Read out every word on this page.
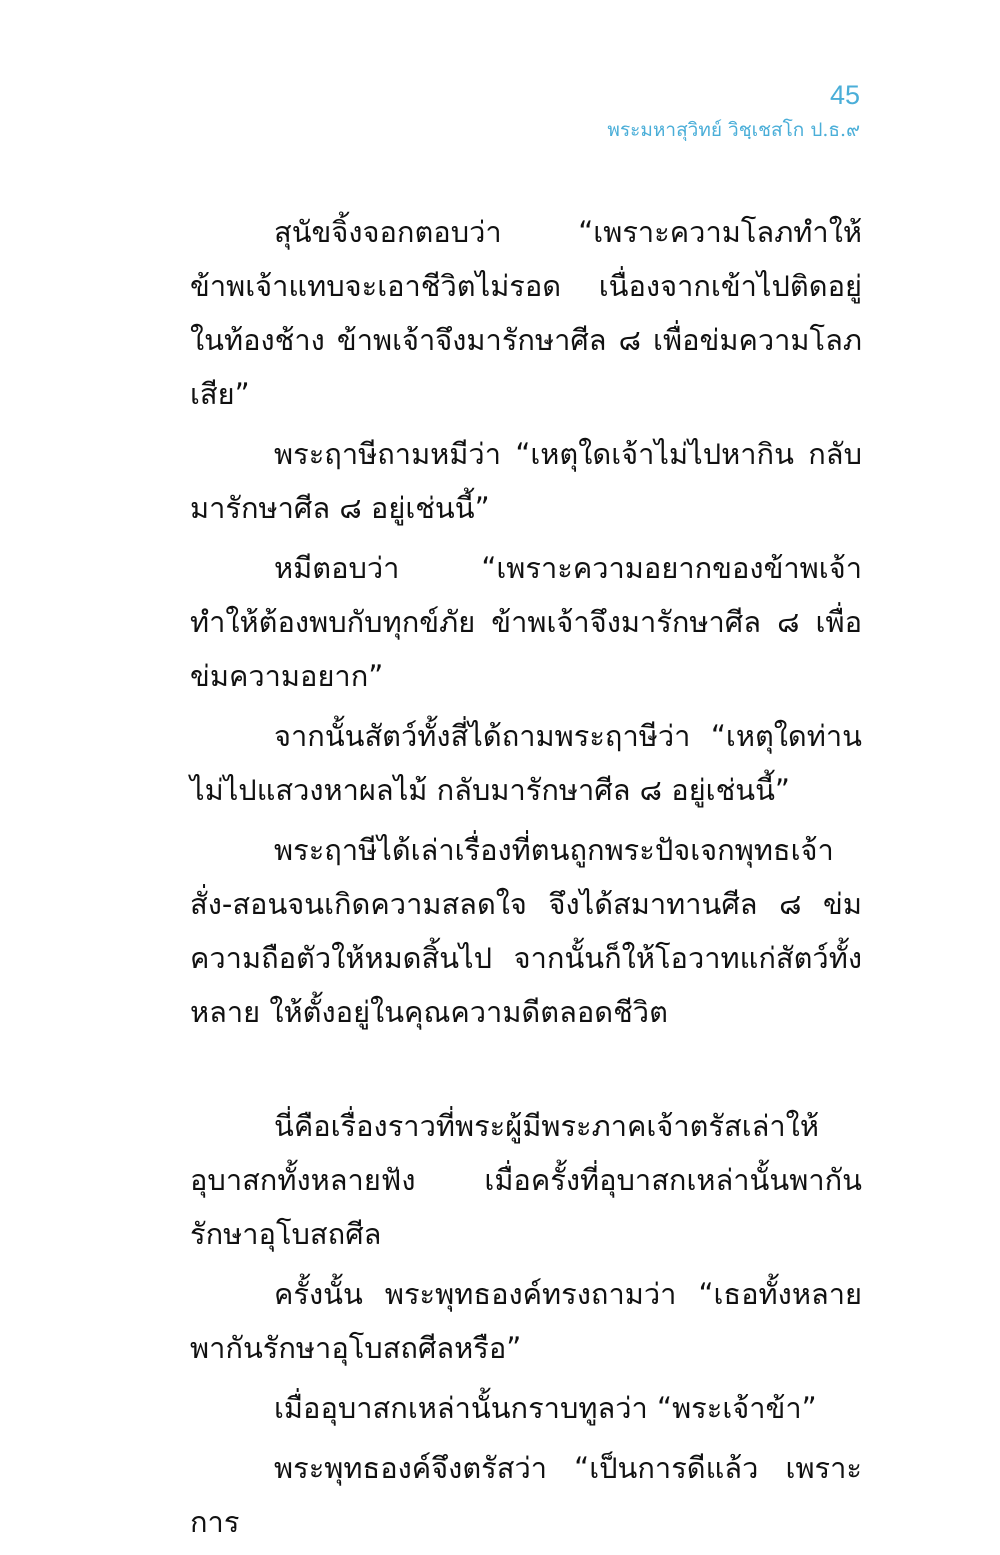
45
พระมหาสุวิทย์ วิชฺเชสโก ป.ธ.๙

สุนัขจิ้งจอกตอบว่า “เพราะความโลภทำให้ข้าพเจ้าแทบจะเอาชีวิตไม่รอด เนื่องจากเข้าไปติดอยู่ในท้องช้าง ข้าพเจ้าจึงมารักษาศีล ๘ เพื่อข่มความโลภเสีย”

พระฤาษีถามหมีว่า “เหตุใดเจ้าไม่ไปหากิน กลับมารักษาศีล ๘ อยู่เช่นนี้”

หมีตอบว่า “เพราะความอยากของข้าพเจ้า ทำให้ต้องพบกับทุกข์ภัย ข้าพเจ้าจึงมารักษาศีล ๘ เพื่อข่มความอยาก”

จากนั้นสัตว์ทั้งสี่ได้ถามพระฤาษีว่า “เหตุใดท่านไม่ไปแสวงหาผลไม้ กลับมารักษาศีล ๘ อยู่เช่นนี้”

พระฤาษีได้เล่าเรื่องที่ตนถูกพระปัจเจกพุทธเจ้าสั่ง-สอนจนเกิดความสลดใจ จึงได้สมาทานศีล ๘ ข่มความถือตัวให้หมดสิ้นไป จากนั้นก็ให้โอวาทแก่สัตว์ทั้งหลาย ให้ตั้งอยู่ในคุณความดีตลอดชีวิต

นี่คือเรื่องราวที่พระผู้มีพระภาคเจ้าตรัสเล่าให้อุบาสกทั้งหลายฟัง เมื่อครั้งที่อุบาสกเหล่านั้นพากันรักษาอุโบสถศีล

ครั้งนั้น พระพุทธองค์ทรงถามว่า “เธอทั้งหลาย พากันรักษาอุโบสถศีลหรือ”

เมื่ออุบาสกเหล่านั้นกราบทูลว่า “พระเจ้าข้า”

พระพุทธองค์จึงตรัสว่า “เป็นการดีแล้ว เพราะการ
